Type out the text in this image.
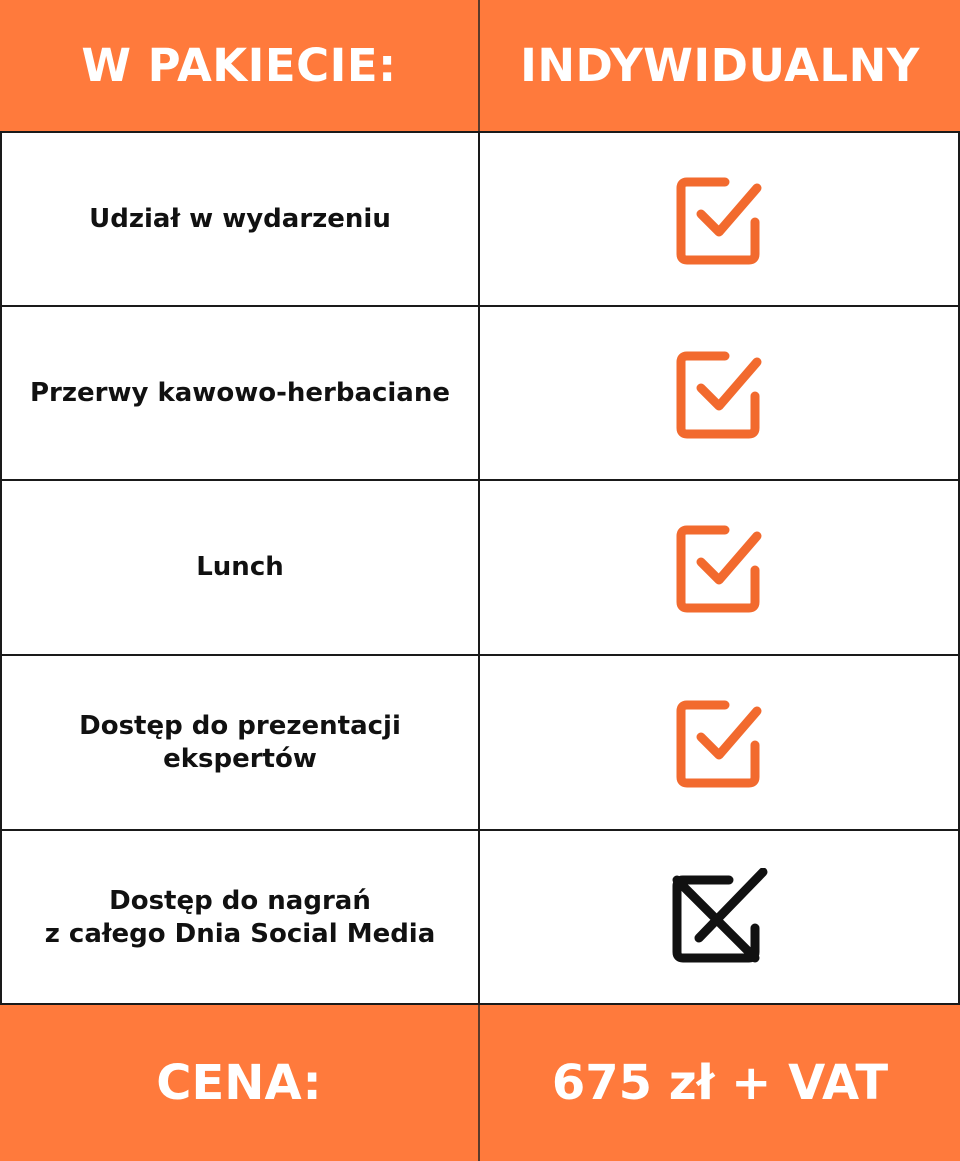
W PAKIECIE:	INDYWIDUALNY
Udział w wydarzeniu
Przerwy kawowo-herbaciane
Lunch
Dostęp do prezentacji
ekspertów
Dostęp do nagrań
z całego Dnia Social Media
CENA:	675 zł + VAT
